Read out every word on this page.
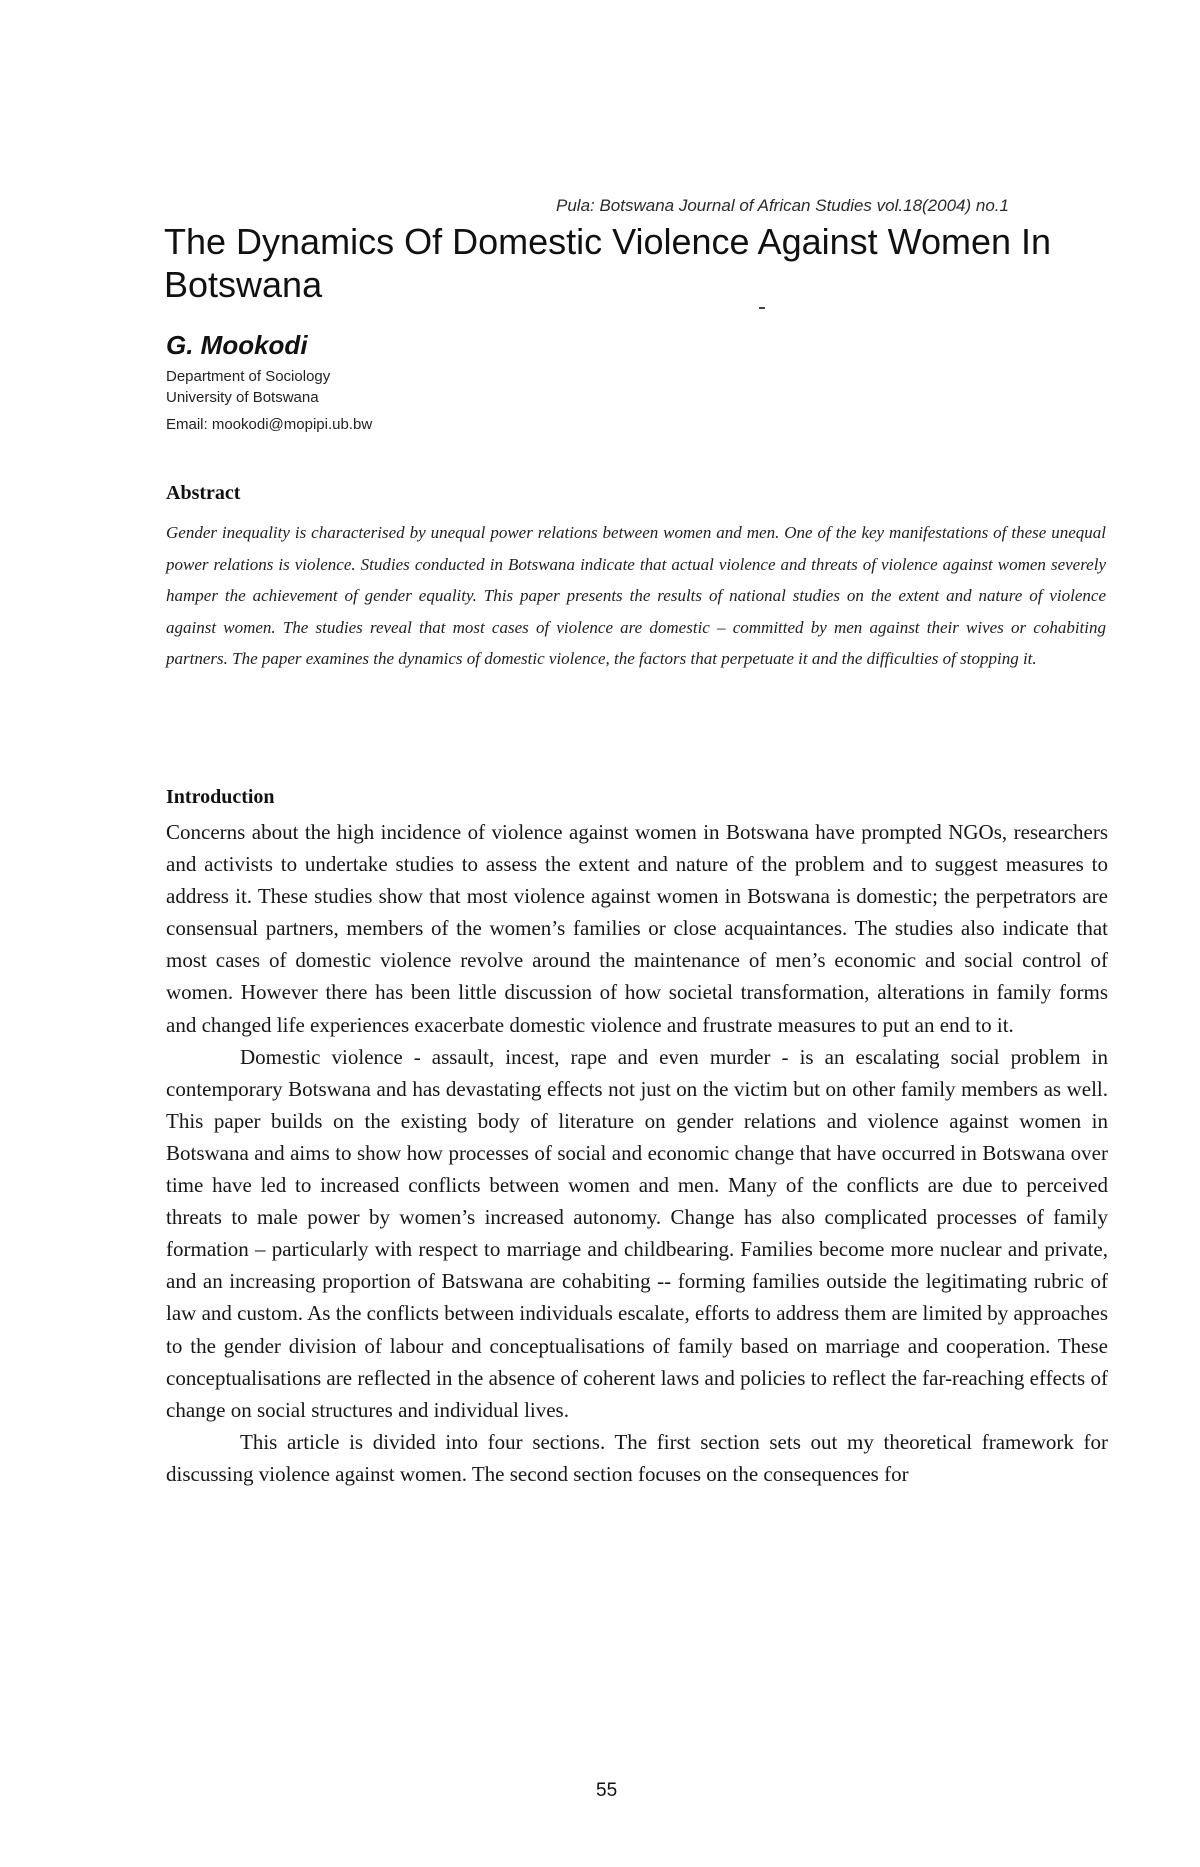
Pula: Botswana Journal of African Studies vol.18(2004) no.1
The Dynamics Of Domestic Violence Against Women In Botswana
G. Mookodi
Department of Sociology
University of Botswana
Email: mookodi@mopipi.ub.bw
Abstract

Gender inequality is characterised by unequal power relations between women and men. One of the key manifestations of these unequal power relations is violence. Studies conducted in Botswana indicate that actual violence and threats of violence against women severely hamper the achievement of gender equality. This paper presents the results of national studies on the extent and nature of violence against women. The studies reveal that most cases of violence are domestic – committed by men against their wives or cohabiting partners. The paper examines the dynamics of domestic violence, the factors that perpetuate it and the difficulties of stopping it.

Introduction

Concerns about the high incidence of violence against women in Botswana have prompted NGOs, researchers and activists to undertake studies to assess the extent and nature of the problem and to suggest measures to address it. These studies show that most violence against women in Botswana is domestic; the perpetrators are consensual partners, members of the women’s families or close acquaintances. The studies also indicate that most cases of domestic violence revolve around the maintenance of men’s economic and social control of women. However there has been little discussion of how societal transformation, alterations in family forms and changed life experiences exacerbate domestic violence and frustrate measures to put an end to it.

Domestic violence - assault, incest, rape and even murder - is an escalating social problem in contemporary Botswana and has devastating effects not just on the victim but on other family members as well. This paper builds on the existing body of literature on gender relations and violence against women in Botswana and aims to show how processes of social and economic change that have occurred in Botswana over time have led to increased conflicts between women and men. Many of the conflicts are due to perceived threats to male power by women’s increased autonomy. Change has also complicated processes of family formation – particularly with respect to marriage and childbearing. Families become more nuclear and private, and an increasing proportion of Batswana are cohabiting -- forming families outside the legitimating rubric of law and custom. As the conflicts between individuals escalate, efforts to address them are limited by approaches to the gender division of labour and conceptualisations of family based on marriage and cooperation. These conceptualisations are reflected in the absence of coherent laws and policies to reflect the far-reaching effects of change on social structures and individual lives.

This article is divided into four sections. The first section sets out my theoretical framework for discussing violence against women. The second section focuses on the consequences for

55
